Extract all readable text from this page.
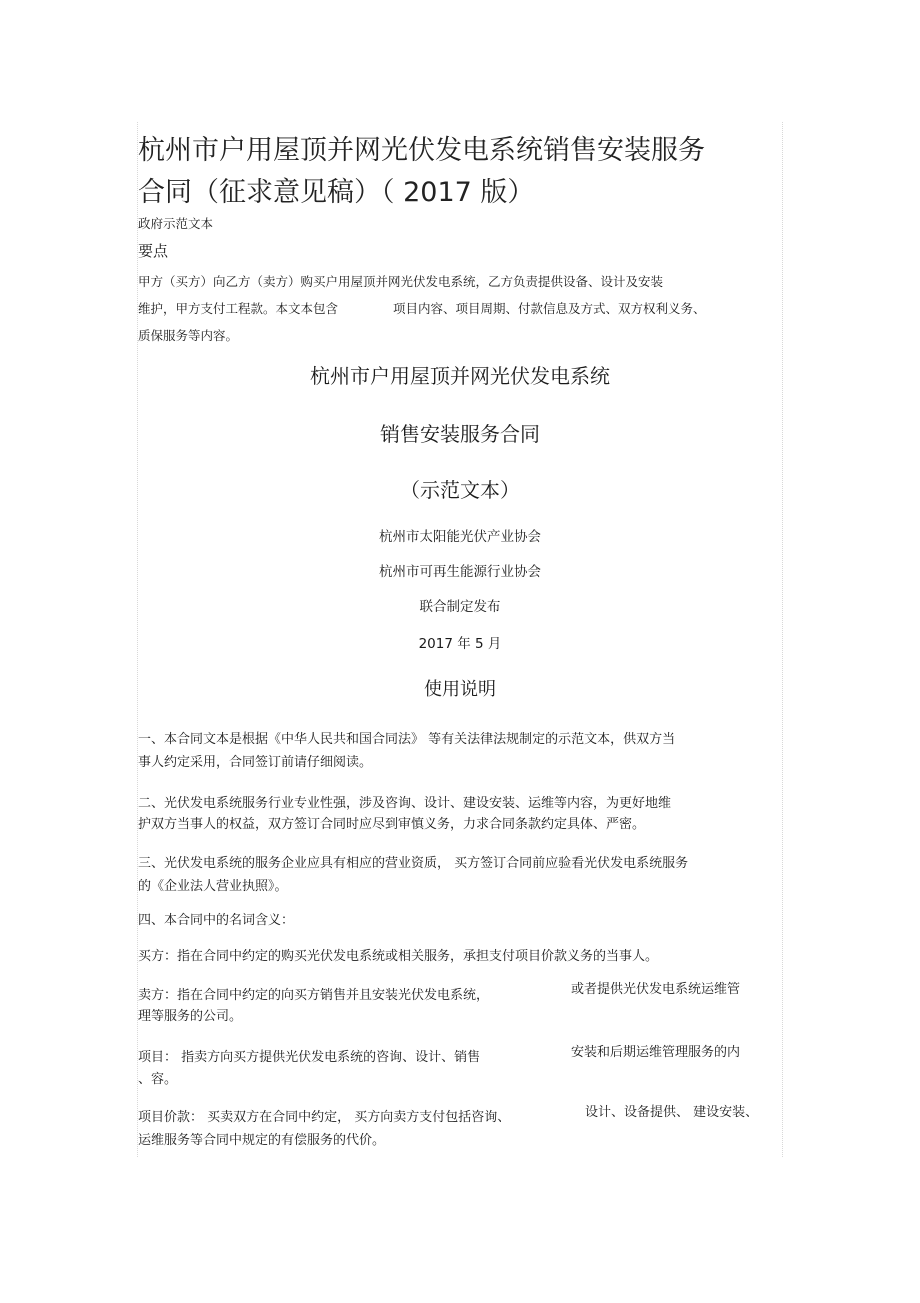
杭州市户用屋顶并网光伏发电系统销售安装服务
合同（征求意见稿）（ 2017 版）
政府示范文本
要点
甲方（买方）向乙方（卖方）购买户用屋顶并网光伏发电系统，乙方负责提供设备、设计及安装
维护，甲方支付工程款。本文本包含	项目内容、项目周期、付款信息及方式、双方权利义务、
质保服务等内容。
杭州市户用屋顶并网光伏发电系统
销售安装服务合同
（示范文本）
杭州市太阳能光伏产业协会
杭州市可再生能源行业协会
联合制定发布
2017 年 5 月
使用说明
一、本合同文本是根据《中华人民共和国合同法》 等有关法律法规制定的示范文本，供双方当
事人约定采用，合同签订前请仔细阅读。
二、光伏发电系统服务行业专业性强，涉及咨询、设计、建设安装、运维等内容，为更好地维
护双方当事人的权益，双方签订合同时应尽到审慎义务，力求合同条款约定具体、严密。
三、光伏发电系统的服务企业应具有相应的营业资质， 买方签订合同前应验看光伏发电系统服务
的《企业法人营业执照》。
四、本合同中的名词含义：
买方：指在合同中约定的购买光伏发电系统或相关服务，承担支付项目价款义务的当事人。
卖方：指在合同中约定的向买方销售并且安装光伏发电系统，	或者提供光伏发电系统运维管
理等服务的公司。
项目： 指卖方向买方提供光伏发电系统的咨询、设计、销售	安装和后期运维管理服务的内
、容。
项目价款： 买卖双方在合同中约定， 买方向卖方支付包括咨询、	设计、设备提供、 建设安装、
运维服务等合同中规定的有偿服务的代价。
